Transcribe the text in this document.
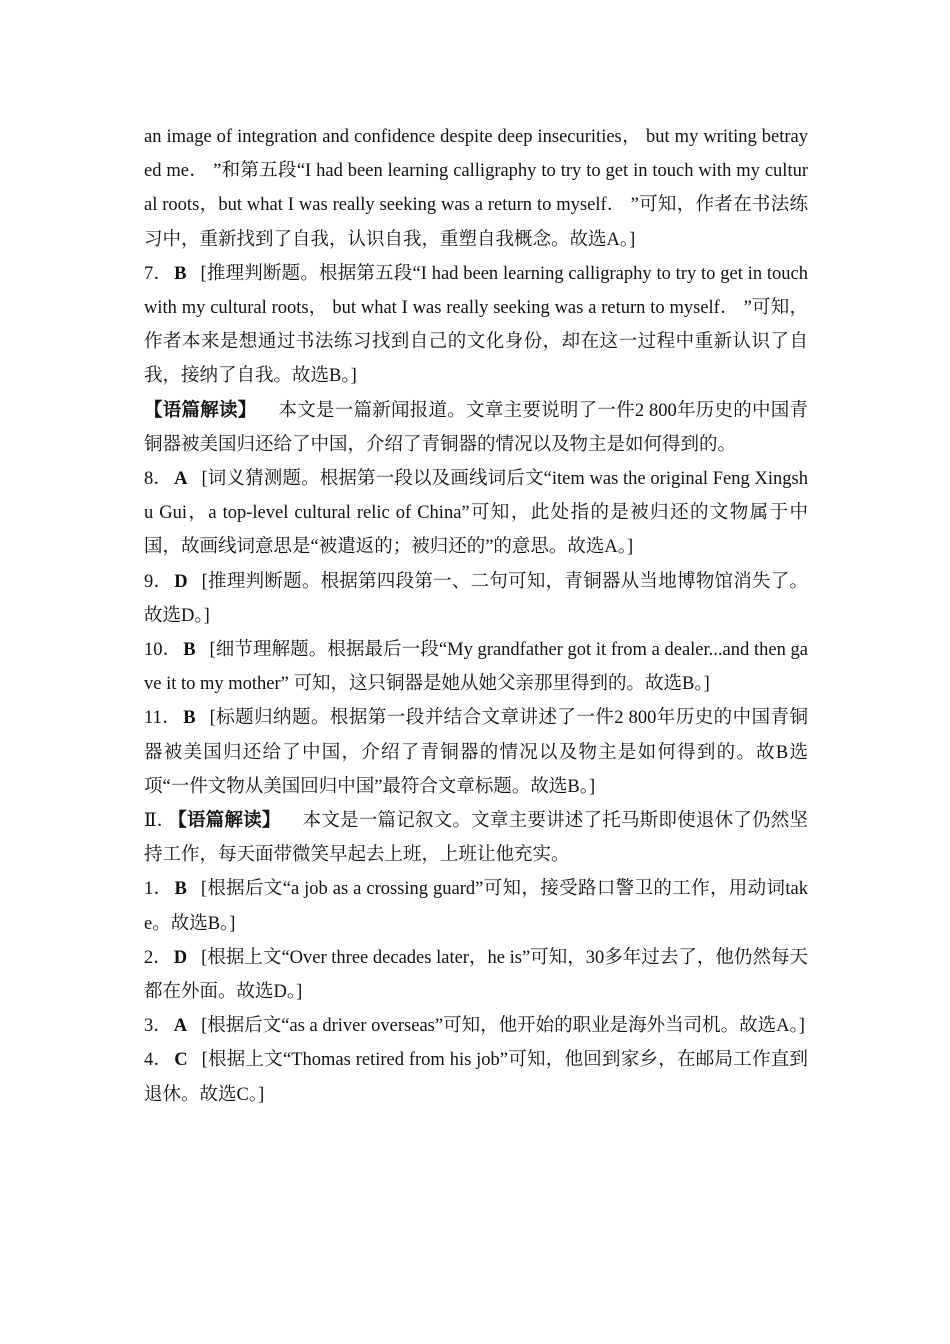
an image of integration and confidence despite deep insecurities， but my writing betrayed me． ”和第五段“I had been learning calligraphy to try to get in touch with my cultural roots，but what I was really seeking was a return to myself． ”可知，作者在书法练习中，重新找到了自我，认识自我，重塑自我概念。故选A。]

7． B [推理判断题。根据第五段“I had been learning calligraphy to try to get in touch with my cultural roots， but what I was really seeking was a return to myself． ”可知，作者本来是想通过书法练习找到自己的文化身份，却在这一过程中重新认识了自我，接纳了自我。故选B。]

【语篇解读】 本文是一篇新闻报道。文章主要说明了一件2 800年历史的中国青铜器被美国归还给了中国，介绍了青铜器的情况以及物主是如何得到的。

8． A [词义猜测题。根据第一段以及画线词后文“item was the original Feng Xingshu Gui，a top-level cultural relic of China”可知，此处指的是被归还的文物属于中国，故画线词意思是“被遣返的；被归还的”的意思。故选A。]

9． D [推理判断题。根据第四段第一、二句可知，青铜器从当地博物馆消失了。故选D。]

10． B [细节理解题。根据最后一段“My grandfather got it from a dealer...and then gave it to my mother” 可知，这只铜器是她从她父亲那里得到的。故选B。]

11． B [标题归纳题。根据第一段并结合文章讲述了一件2 800年历史的中国青铜器被美国归还给了中国，介绍了青铜器的情况以及物主是如何得到的。故B选项“一件文物从美国回归中国”最符合文章标题。故选B。]

Ⅱ． 【语篇解读】 本文是一篇记叙文。文章主要讲述了托马斯即使退休了仍然坚持工作，每天面带微笑早起去上班，上班让他充实。

1． B [根据后文“a job as a crossing guard”可知，接受路口警卫的工作，用动词take。故选B。]

2． D [根据上文“Over three decades later，he is”可知，30多年过去了，他仍然每天都在外面。故选D。]

3． A [根据后文“as a driver overseas”可知，他开始的职业是海外当司机。故选A。]

4． C [根据上文“Thomas retired from his job”可知，他回到家乡，在邮局工作直到退休。故选C。]
